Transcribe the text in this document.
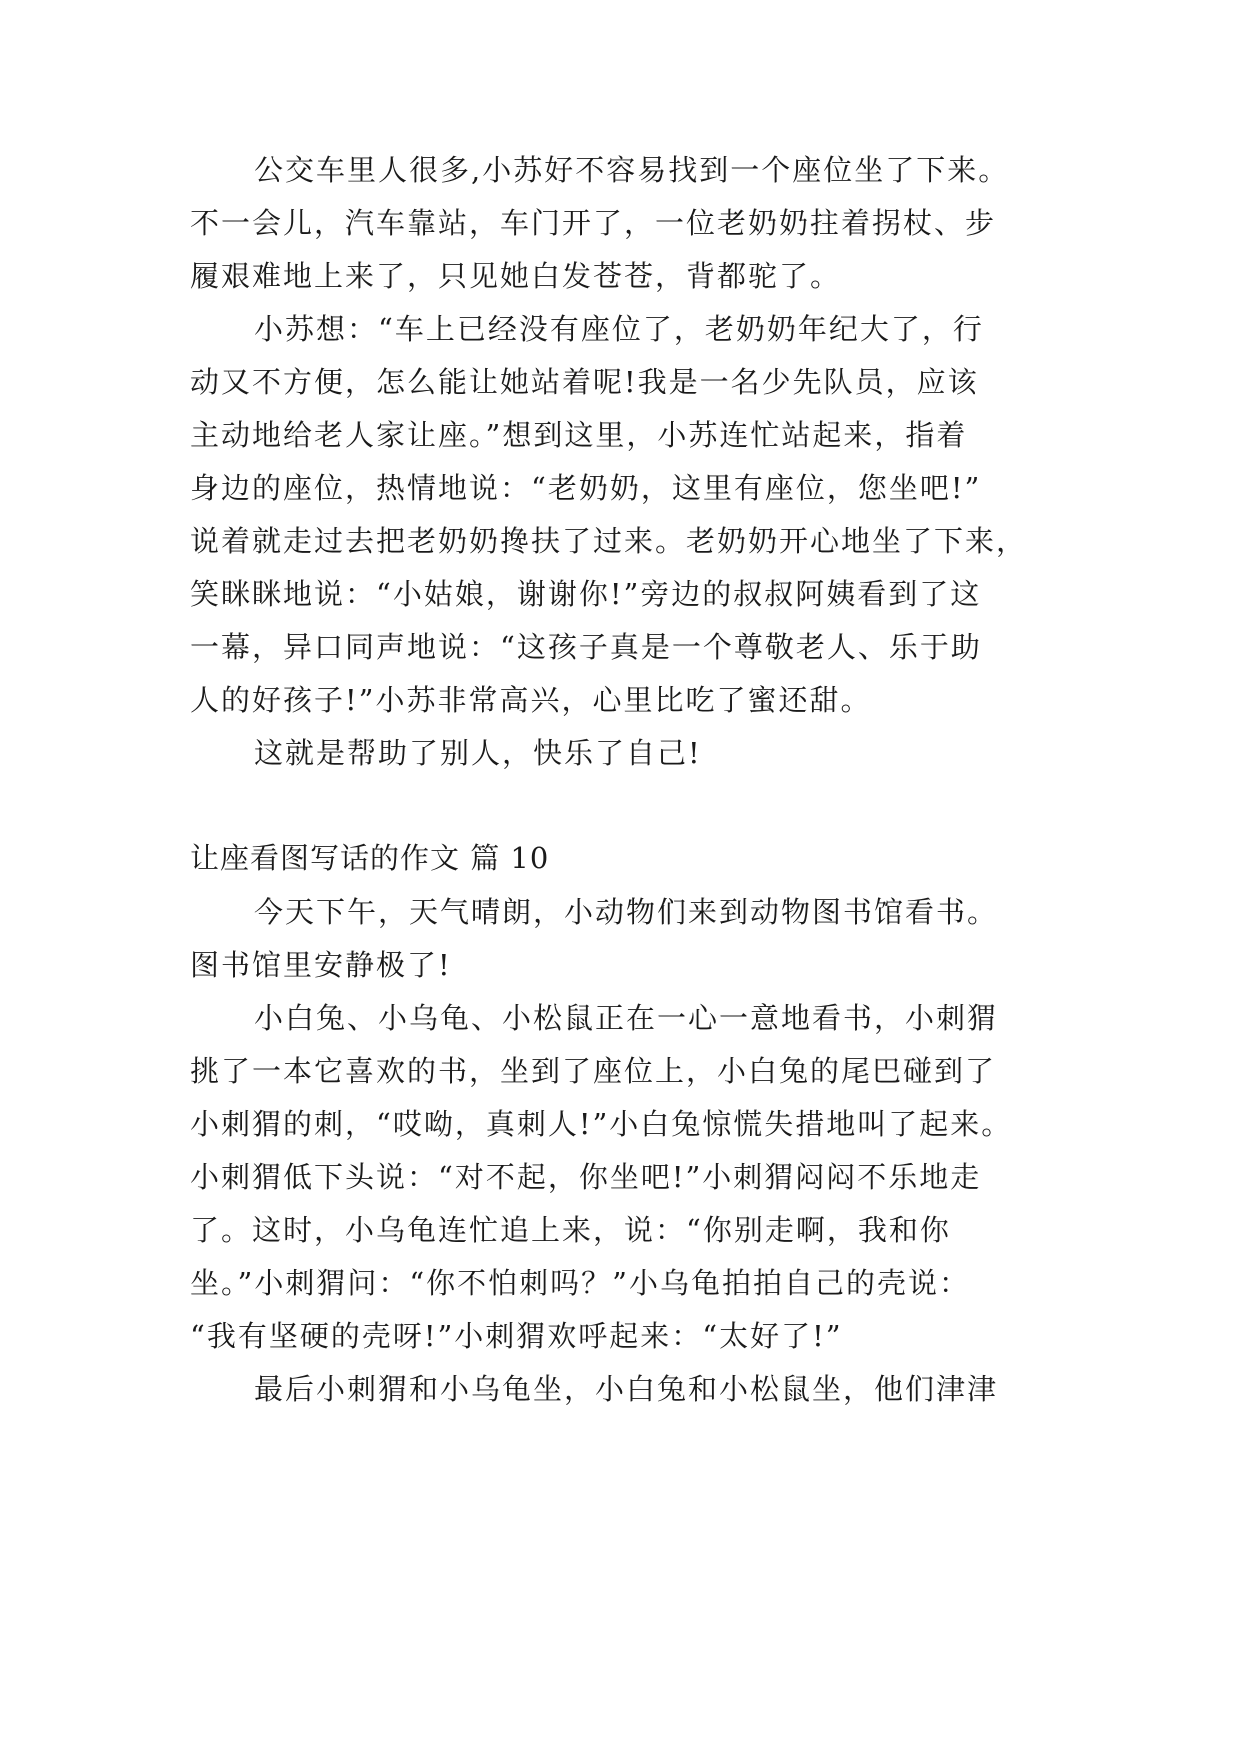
公交车里人很多,小苏好不容易找到一个座位坐了下来。
不一会儿，汽车靠站，车门开了，一位老奶奶拄着拐杖、步
履艰难地上来了，只见她白发苍苍，背都驼了。
小苏想：“车上已经没有座位了，老奶奶年纪大了，行
动又不方便，怎么能让她站着呢!我是一名少先队员，应该
主动地给老人家让座。”想到这里，小苏连忙站起来，指着
身边的座位，热情地说：“老奶奶，这里有座位，您坐吧!”
说着就走过去把老奶奶搀扶了过来。老奶奶开心地坐了下来，
笑眯眯地说：“小姑娘，谢谢你!”旁边的叔叔阿姨看到了这
一幕，异口同声地说：“这孩子真是一个尊敬老人、乐于助
人的好孩子!”小苏非常高兴，心里比吃了蜜还甜。
这就是帮助了别人，快乐了自己!
让座看图写话的作文 篇 10
今天下午，天气晴朗，小动物们来到动物图书馆看书。
图书馆里安静极了!
小白兔、小乌龟、小松鼠正在一心一意地看书，小刺猬
挑了一本它喜欢的书，坐到了座位上，小白兔的尾巴碰到了
小刺猬的刺，“哎呦，真刺人!”小白兔惊慌失措地叫了起来。
小刺猬低下头说：“对不起，你坐吧!”小刺猬闷闷不乐地走
了。这时，小乌龟连忙追上来，说：“你别走啊，我和你
坐。”小刺猬问：“你不怕刺吗？”小乌龟拍拍自己的壳说：
“我有坚硬的壳呀!”小刺猬欢呼起来：“太好了!”
最后小刺猬和小乌龟坐，小白兔和小松鼠坐，他们津津
